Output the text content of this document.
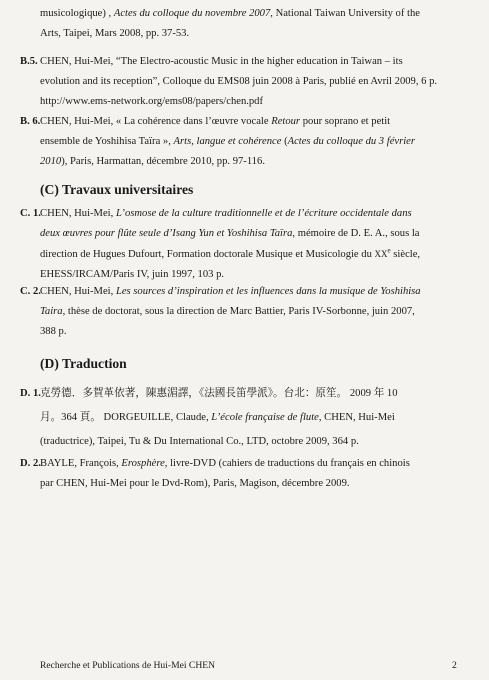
musicologique) , Actes du colloque du novembre 2007, National Taiwan University of the
Arts, Taipei, Mars 2008, pp. 37-53.
B.5. CHEN, Hui-Mei, “The Electro-acoustic Music in the higher education in Taiwan – its
evolution and its reception”, Colloque du EMS08 juin 2008 à Paris, publié en Avril 2009, 6 p.
http://www.ems-network.org/ems08/papers/chen.pdf
B. 6. CHEN, Hui-Mei, « La cohérence dans l’œuvre vocale Retour pour soprano et petit
ensemble de Yoshihisa Taïra », Arts, langue et cohérence (Actes du colloque du 3 février
2010), Paris, Harmattan, décembre 2010, pp. 97-116.
(C) Travaux universitaires
C. 1. CHEN, Hui-Mei, L’osmose de la culture traditionnelle et de l’écriture occidentale dans
deux œuvres pour flûte seule d’Isang Yun et Yoshihisa Taïra, mémoire de D. E. A., sous la
direction de Hugues Dufourt, Formation doctorale Musique et Musicologie du XXe siècle,
EHESS/IRCAM/Paris IV, juin 1997, 103 p.
C. 2. CHEN, Hui-Mei, Les sources d’inspiration et les influences dans la musique de Yoshihisa
Taira, thèse de doctorat, sous la direction de Marc Battier, Paris IV-Sorbonne, juin 2007,
388 p.
(D) Traduction
D. 1. 克勞德．多賀革依著，陳惠湄譯，《法國長笛學派》。台北：原笙。 2009 年 10
月。364 頁。 DORGEUILLE, Claude, L’école française de flute, CHEN, Hui-Mei
(traductrice), Taipei, Tu & Du International Co., LTD, octobre 2009, 364 p.
D. 2. BAYLE, François, Erosphère, livre-DVD (cahiers de traductions du français en chinois
par CHEN, Hui-Mei pour le Dvd-Rom), Paris, Magison, décembre 2009.
Recherche et Publications de Hui-Mei CHEN	2
